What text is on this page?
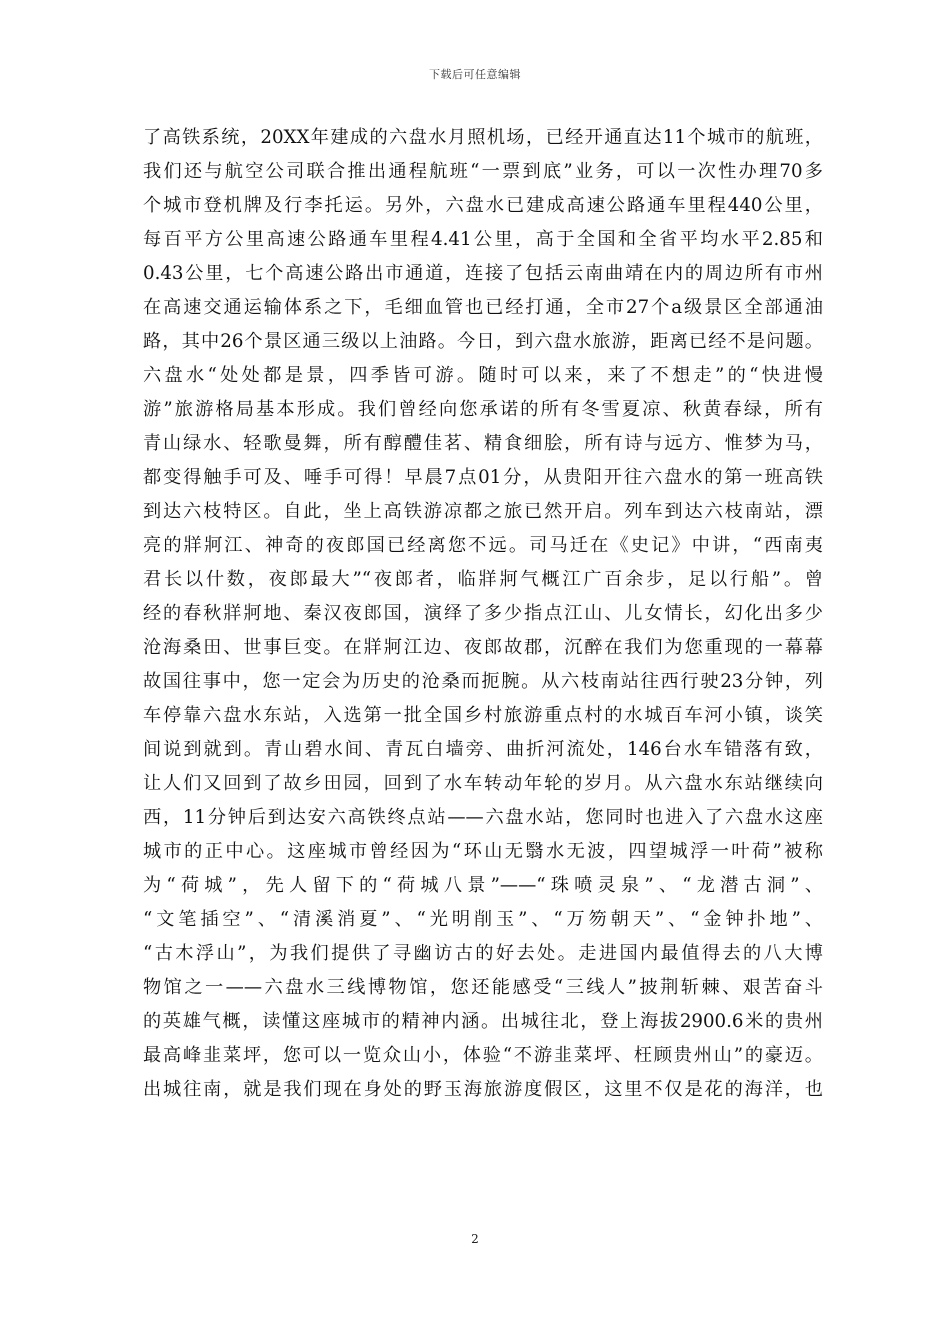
下载后可任意编辑
了高铁系统，20XX年建成的六盘水月照机场，已经开通直达11个城市的航班，
我们还与航空公司联合推出通程航班“一票到底”业务，可以一次性办理70多
个城市登机牌及行李托运。另外，六盘水已建成高速公路通车里程440公里，
每百平方公里高速公路通车里程4.41公里，高于全国和全省平均水平2.85和
0.43公里，七个高速公路出市通道，连接了包括云南曲靖在内的周边所有市州
在高速交通运输体系之下，毛细血管也已经打通，全市27个a级景区全部通油
路，其中26个景区通三级以上油路。今日，到六盘水旅游，距离已经不是问题。
六盘水“处处都是景，四季皆可游。随时可以来，来了不想走”的“快进慢
游”旅游格局基本形成。我们曾经向您承诺的所有冬雪夏凉、秋黄春绿，所有
青山绿水、轻歌曼舞，所有醇醴佳茗、精食细脍，所有诗与远方、惟梦为马，
都变得触手可及、唾手可得！早晨7点01分，从贵阳开往六盘水的第一班高铁
到达六枝特区。自此，坐上高铁游凉都之旅已然开启。列车到达六枝南站，漂
亮的牂牁江、神奇的夜郎国已经离您不远。司马迁在《史记》中讲，“西南夷
君长以什数，夜郎最大”“夜郎者，临牂牁气概江广百余步，足以行船”。曾
经的春秋牂牁地、秦汉夜郎国，演绎了多少指点江山、儿女情长，幻化出多少
沧海桑田、世事巨变。在牂牁江边、夜郎故郡，沉醉在我们为您重现的一幕幕
故国往事中，您一定会为历史的沧桑而扼腕。从六枝南站往西行驶23分钟，列
车停靠六盘水东站，入选第一批全国乡村旅游重点村的水城百车河小镇，谈笑
间说到就到。青山碧水间、青瓦白墙旁、曲折河流处，146台水车错落有致，
让人们又回到了故乡田园，回到了水车转动年轮的岁月。从六盘水东站继续向
西，11分钟后到达安六高铁终点站——六盘水站，您同时也进入了六盘水这座
城市的正中心。这座城市曾经因为“环山无翳水无波，四望城浮一叶荷”被称
为“荷城”，先人留下的“荷城八景”——“珠喷灵泉”、“龙潜古洞”、
“文笔插空”、“清溪消夏”、“光明削玉”、“万笏朝天”、“金钟扑地”、
“古木浮山”，为我们提供了寻幽访古的好去处。走进国内最值得去的八大博
物馆之一——六盘水三线博物馆，您还能感受“三线人”披荆斩棘、艰苦奋斗
的英雄气概，读懂这座城市的精神内涵。出城往北，登上海拔2900.6米的贵州
最高峰韭菜坪，您可以一览众山小，体验“不游韭菜坪、枉顾贵州山”的豪迈。
出城往南，就是我们现在身处的野玉海旅游度假区，这里不仅是花的海洋，也
2
